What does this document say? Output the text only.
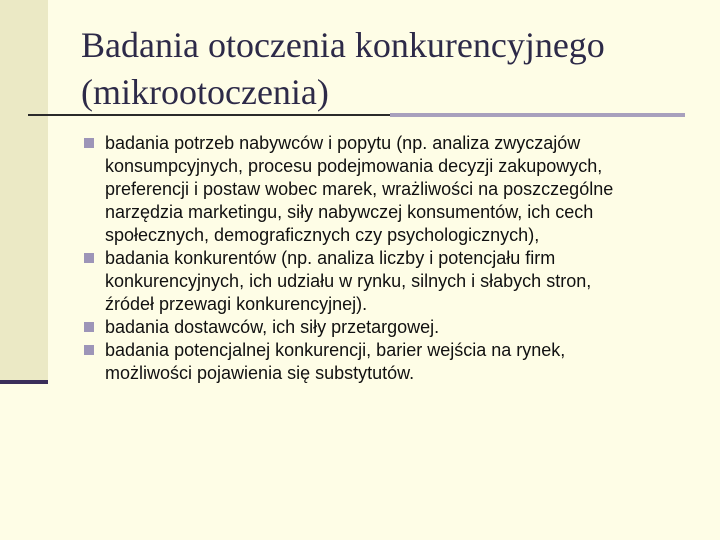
Badania otoczenia konkurencyjnego
(mikrootoczenia)
badania potrzeb nabywców i popytu (np. analiza zwyczajów
konsumpcyjnych, procesu podejmowania decyzji zakupowych,
preferencji i postaw wobec marek, wrażliwości na poszczególne
narzędzia marketingu, siły nabywczej konsumentów, ich cech
społecznych, demograficznych czy psychologicznych),
badania konkurentów (np. analiza liczby i potencjału firm
konkurencyjnych, ich udziału w rynku, silnych i słabych stron,
źródeł przewagi konkurencyjnej).
badania dostawców, ich siły przetargowej.
badania potencjalnej konkurencji, barier wejścia na rynek,
możliwości pojawienia się substytutów.
